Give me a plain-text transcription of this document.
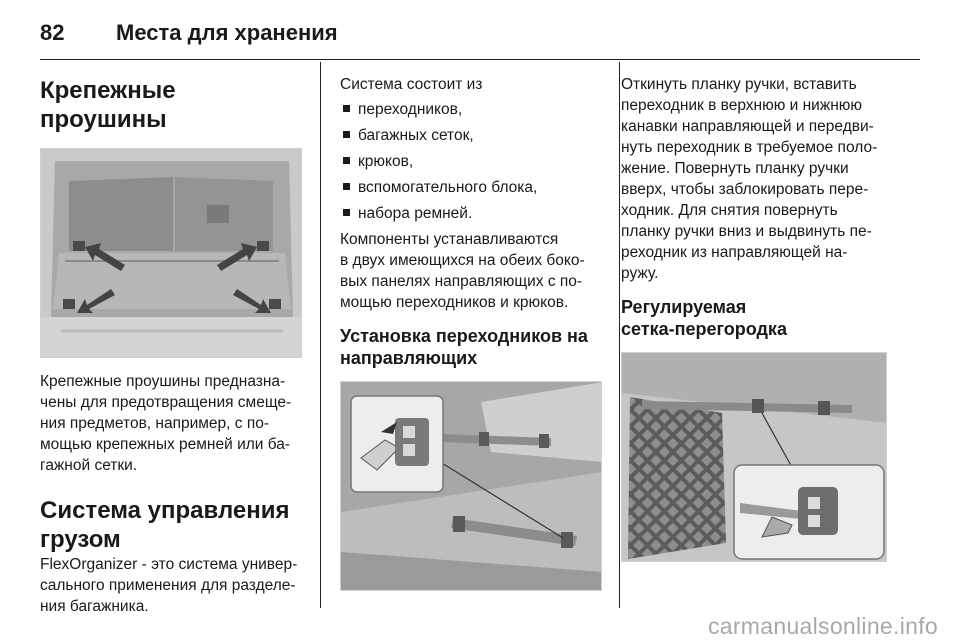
82 Места для хранения
Крепежные проушины

Крепежные проушины предназна-

чены для предотвращения смеще-

ния предметов, например, с по-

мощью крепежных ремней или ба-

гажной сетки.

Система управления
грузом

FlexOrganizer - это система универ-

сального применения для разделе-

ния багажника.

Система состоит из

переходников,
багажных сеток,
крюков,
вспомогательного блока,
набора ремней.

Компоненты устанавливаются

в двух имеющихся на обеих боко-

вых панелях направляющих с по-

мощью переходников и крюков.

Установка переходников на
направляющих

Откинуть планку ручки, вставить

переходник в верхнюю и нижнюю

канавки направляющей и передви-

нуть переходник в требуемое поло-

жение. Повернуть планку ручки

вверх, чтобы заблокировать пере-

ходник. Для снятия повернуть

планку ручки вниз и выдвинуть пе-

реходник из направляющей на-

ружу.

Регулируемая
сетка-перегородка
carmanualsonline.info
